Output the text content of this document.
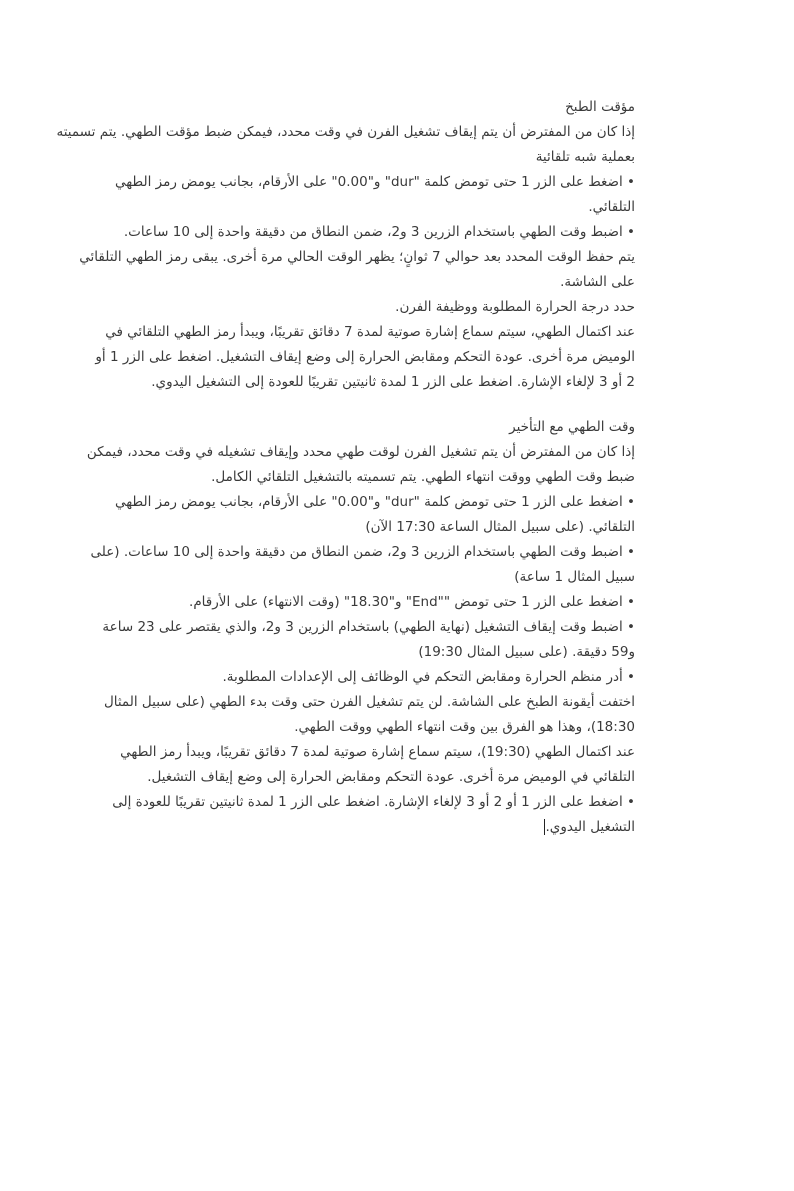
مؤقت الطبخ
إذا كان من المفترض أن يتم إيقاف تشغيل الفرن في وقت محدد، فيمكن ضبط مؤقت الطهي. يتم تسميته
بعملية شبه تلقائية
• اضغط على الزر 1 حتى تومض كلمة "dur" و"0.00" على الأرقام، بجانب يومض رمز الطهي
التلقائي.
• اضبط وقت الطهي باستخدام الزرين 3 و2، ضمن النطاق من دقيقة واحدة إلى 10 ساعات.
يتم حفظ الوقت المحدد بعد حوالي 7 ثوانٍ؛ يظهر الوقت الحالي مرة أخرى. يبقى رمز الطهي التلقائي
على الشاشة.
حدد درجة الحرارة المطلوبة ووظيفة الفرن.
عند اكتمال الطهي، سيتم سماع إشارة صوتية لمدة 7 دقائق تقريبًا، ويبدأ رمز الطهي التلقائي في
الوميض مرة أخرى. عودة التحكم ومقابض الحرارة إلى وضع إيقاف التشغيل. اضغط على الزر 1 أو
2 أو 3 لإلغاء الإشارة. اضغط على الزر 1 لمدة ثانيتين تقريبًا للعودة إلى التشغيل اليدوي.
وقت الطهي مع التأخير
إذا كان من المفترض أن يتم تشغيل الفرن لوقت طهي محدد وإيقاف تشغيله في وقت محدد، فيمكن
ضبط وقت الطهي ووقت انتهاء الطهي. يتم تسميته بالتشغيل التلقائي الكامل.
• اضغط على الزر 1 حتى تومض كلمة "dur" و"0.00" على الأرقام، بجانب يومض رمز الطهي
التلقائي. (على سبيل المثال الساعة 17:30 الآن)
• اضبط وقت الطهي باستخدام الزرين 3 و2، ضمن النطاق من دقيقة واحدة إلى 10 ساعات. (على
سبيل المثال 1 ساعة)
• اضغط على الزر 1 حتى تومض ""End" و"18.30" (وقت الانتهاء) على الأرقام.
• اضبط وقت إيقاف التشغيل (نهاية الطهي) باستخدام الزرين 3 و2، والذي يقتصر على 23 ساعة
و59 دقيقة. (على سبيل المثال 19:30)
• أدر منظم الحرارة ومقابض التحكم في الوظائف إلى الإعدادات المطلوبة.
اختفت أيقونة الطبخ على الشاشة. لن يتم تشغيل الفرن حتى وقت بدء الطهي (على سبيل المثال
18:30)، وهذا هو الفرق بين وقت انتهاء الطهي ووقت الطهي.
عند اكتمال الطهي (19:30)، سيتم سماع إشارة صوتية لمدة 7 دقائق تقريبًا، ويبدأ رمز الطهي
التلقائي في الوميض مرة أخرى. عودة التحكم ومقابض الحرارة إلى وضع إيقاف التشغيل.
• اضغط على الزر 1 أو 2 أو 3 لإلغاء الإشارة. اضغط على الزر 1 لمدة ثانيتين تقريبًا للعودة إلى
التشغيل اليدوي.
